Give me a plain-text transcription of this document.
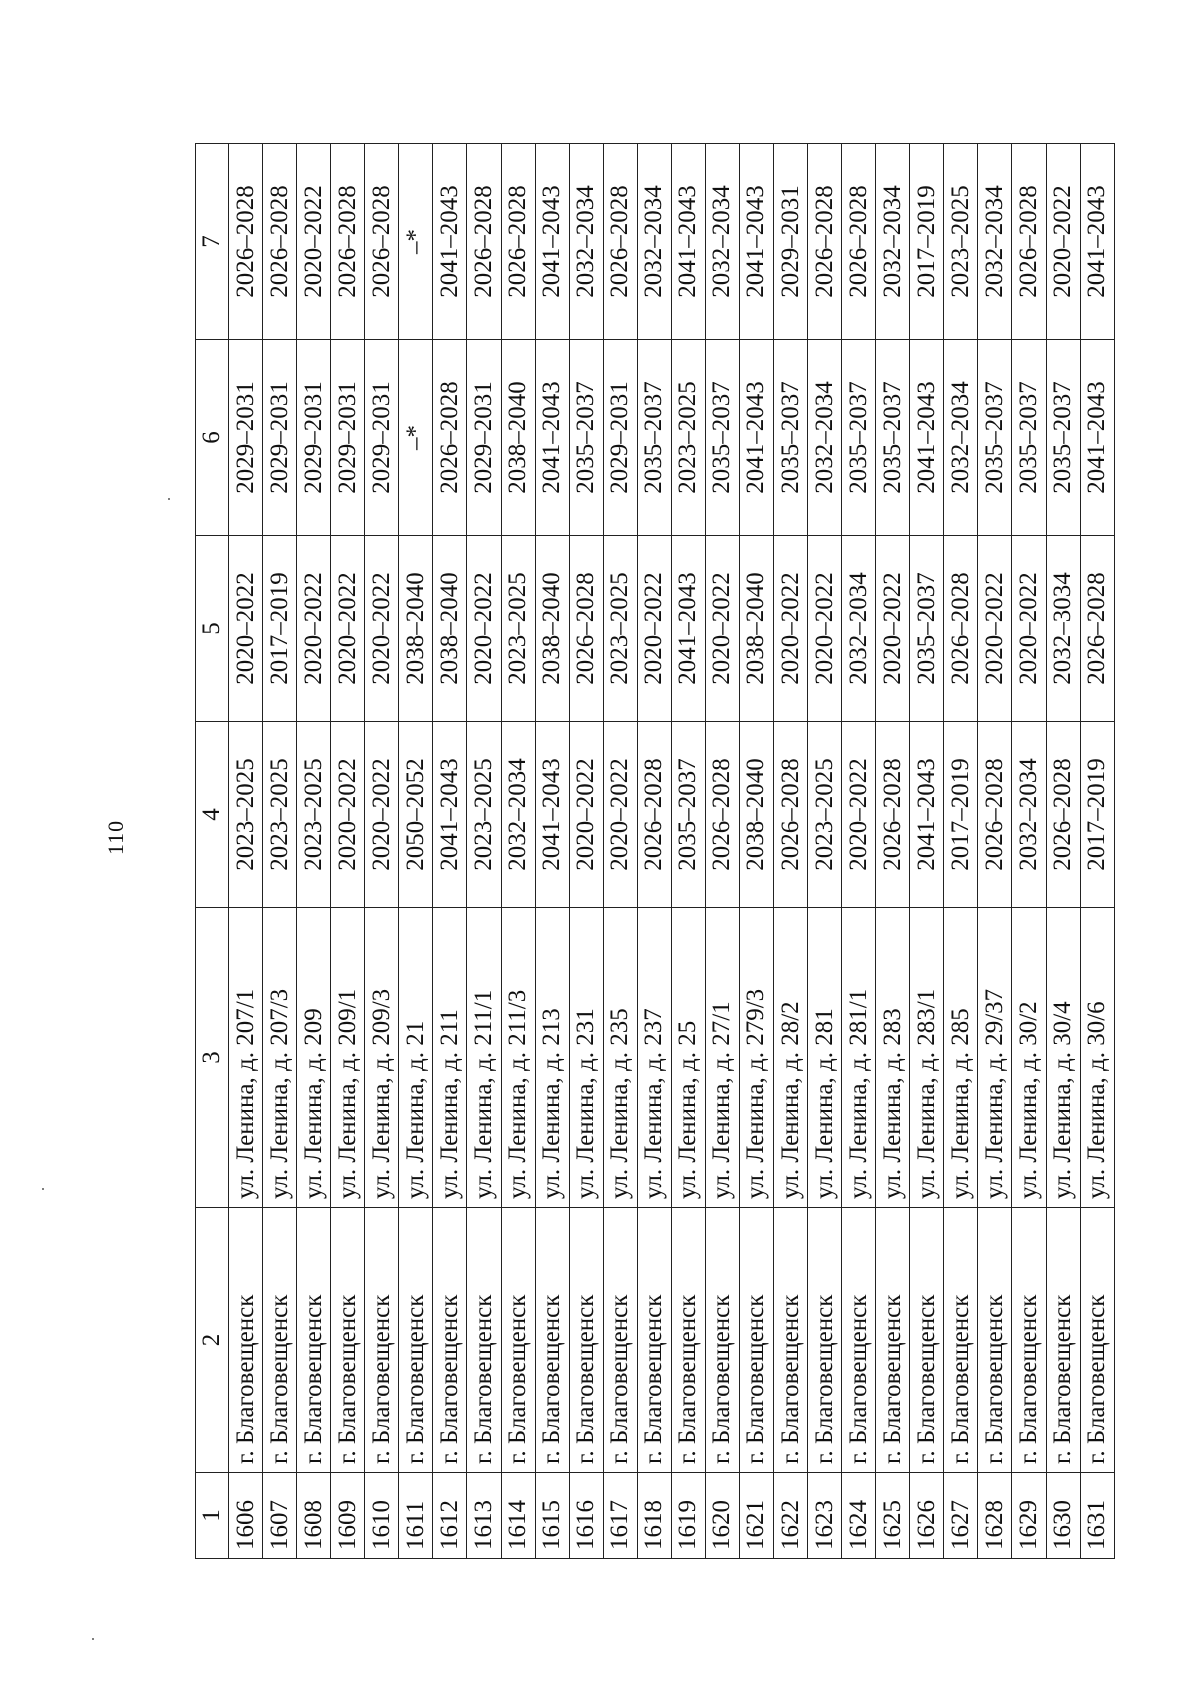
110
1	2	3	4	5	6	7
1606	г. Благовещенск	ул. Ленина, д. 207/1	2023–2025	2020–2022	2029–2031	2026–2028
1607	г. Благовещенск	ул. Ленина, д. 207/3	2023–2025	2017–2019	2029–2031	2026–2028
1608	г. Благовещенск	ул. Ленина, д. 209	2023–2025	2020–2022	2029–2031	2020–2022
1609	г. Благовещенск	ул. Ленина, д. 209/1	2020–2022	2020–2022	2029–2031	2026–2028
1610	г. Благовещенск	ул. Ленина, д. 209/3	2020–2022	2020–2022	2029–2031	2026–2028
1611	г. Благовещенск	ул. Ленина, д. 21	2050–2052	2038–2040	–*	–*
1612	г. Благовещенск	ул. Ленина, д. 211	2041–2043	2038–2040	2026–2028	2041–2043
1613	г. Благовещенск	ул. Ленина, д. 211/1	2023–2025	2020–2022	2029–2031	2026–2028
1614	г. Благовещенск	ул. Ленина, д. 211/3	2032–2034	2023–2025	2038–2040	2026–2028
1615	г. Благовещенск	ул. Ленина, д. 213	2041–2043	2038–2040	2041–2043	2041–2043
1616	г. Благовещенск	ул. Ленина, д. 231	2020–2022	2026–2028	2035–2037	2032–2034
1617	г. Благовещенск	ул. Ленина, д. 235	2020–2022	2023–2025	2029–2031	2026–2028
1618	г. Благовещенск	ул. Ленина, д. 237	2026–2028	2020–2022	2035–2037	2032–2034
1619	г. Благовещенск	ул. Ленина, д. 25	2035–2037	2041–2043	2023–2025	2041–2043
1620	г. Благовещенск	ул. Ленина, д. 27/1	2026–2028	2020–2022	2035–2037	2032–2034
1621	г. Благовещенск	ул. Ленина, д. 279/3	2038–2040	2038–2040	2041–2043	2041–2043
1622	г. Благовещенск	ул. Ленина, д. 28/2	2026–2028	2020–2022	2035–2037	2029–2031
1623	г. Благовещенск	ул. Ленина, д. 281	2023–2025	2020–2022	2032–2034	2026–2028
1624	г. Благовещенск	ул. Ленина, д. 281/1	2020–2022	2032–2034	2035–2037	2026–2028
1625	г. Благовещенск	ул. Ленина, д. 283	2026–2028	2020–2022	2035–2037	2032–2034
1626	г. Благовещенск	ул. Ленина, д. 283/1	2041–2043	2035–2037	2041–2043	2017–2019
1627	г. Благовещенск	ул. Ленина, д. 285	2017–2019	2026–2028	2032–2034	2023–2025
1628	г. Благовещенск	ул. Ленина, д. 29/37	2026–2028	2020–2022	2035–2037	2032–2034
1629	г. Благовещенск	ул. Ленина, д. 30/2	2032–2034	2020–2022	2035–2037	2026–2028
1630	г. Благовещенск	ул. Ленина, д. 30/4	2026–2028	2032–3034	2035–2037	2020–2022
1631	г. Благовещенск	ул. Ленина, д. 30/6	2017–2019	2026–2028	2041–2043	2041–2043
